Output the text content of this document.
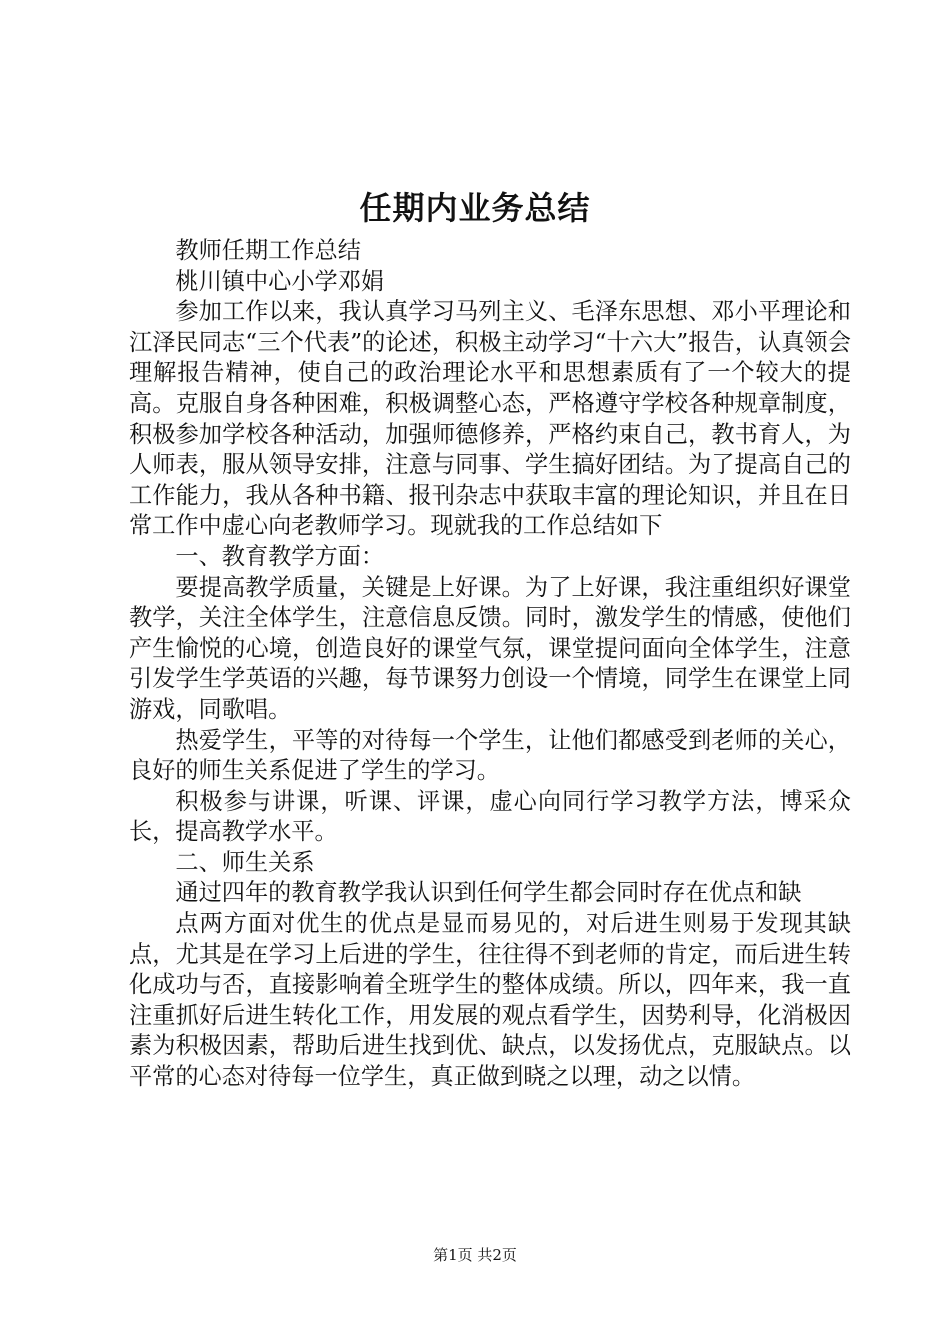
任期内业务总结

教师任期工作总结

桃川镇中心小学邓娟

参加工作以来，我认真学习马列主义、毛泽东思想、邓小平理论和江泽民同志“三个代表”的论述，积极主动学习“十六大”报告，认真领会理解报告精神，使自己的政治理论水平和思想素质有了一个较大的提高。克服自身各种困难，积极调整心态，严格遵守学校各种规章制度，积极参加学校各种活动，加强师德修养，严格约束自己，教书育人，为人师表，服从领导安排，注意与同事、学生搞好团结。为了提高自己的工作能力，我从各种书籍、报刊杂志中获取丰富的理论知识，并且在日常工作中虚心向老教师学习。现就我的工作总结如下

一、教育教学方面：

要提高教学质量，关键是上好课。为了上好课，我注重组织好课堂教学，关注全体学生，注意信息反馈。同时，激发学生的情感，使他们产生愉悦的心境，创造良好的课堂气氛，课堂提问面向全体学生，注意引发学生学英语的兴趣，每节课努力创设一个情境，同学生在课堂上同游戏，同歌唱。

热爱学生，平等的对待每一个学生，让他们都感受到老师的关心，良好的师生关系促进了学生的学习。

积极参与讲课，听课、评课，虚心向同行学习教学方法，博采众长，提高教学水平。

二、师生关系

通过四年的教育教学我认识到任何学生都会同时存在优点和缺

点两方面对优生的优点是显而易见的，对后进生则易于发现其缺点，尤其是在学习上后进的学生，往往得不到老师的肯定，而后进生转化成功与否，直接影响着全班学生的整体成绩。所以，四年来，我一直注重抓好后进生转化工作，用发展的观点看学生，因势利导，化消极因素为积极因素，帮助后进生找到优、缺点，以发扬优点，克服缺点。以平常的心态对待每一位学生，真正做到晓之以理，动之以情。

第1页 共2页
